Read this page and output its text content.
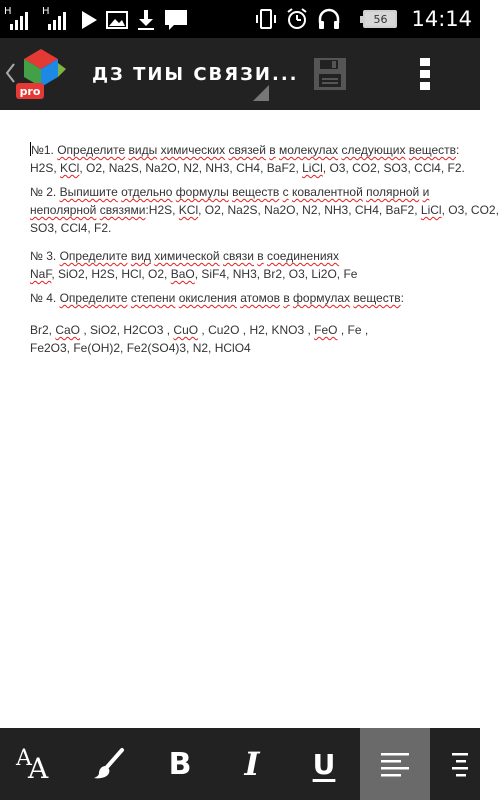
H	H
56	14:14
pro
ДЗ ТИЫ СВЯЗИ...
№1. Определите виды химических связей в молекулах следующих веществ:
H2S, KCl, O2, Na2S, Na2O, N2, NH3, CH4, BaF2, LiCl, O3, CO2, SO3, CCl4, F2.
№ 2. Выпишите отдельно формулы веществ с ковалентной полярной и
неполярной связями:H2S, KCl, O2, Na2S, Na2O, N2, NH3, CH4, BaF2, LiCl, O3, CO2,
SO3, CCl4, F2.
№ 3. Определите вид химической связи в соединениях
NaF, SiO2, H2S, HCl, O2, BaO, SiF4, NH3, Br2, O3, Li2O, Fe
№ 4. Определите степени окисления атомов в формулах веществ:
Br2, CaO , SiO2, H2CO3 , CuO , Cu2O , H2, KNO3 , FeO , Fe ,
Fe2O3, Fe(OH)2, Fe2(SO4)3, N2, HClO4
A
A	B I U
